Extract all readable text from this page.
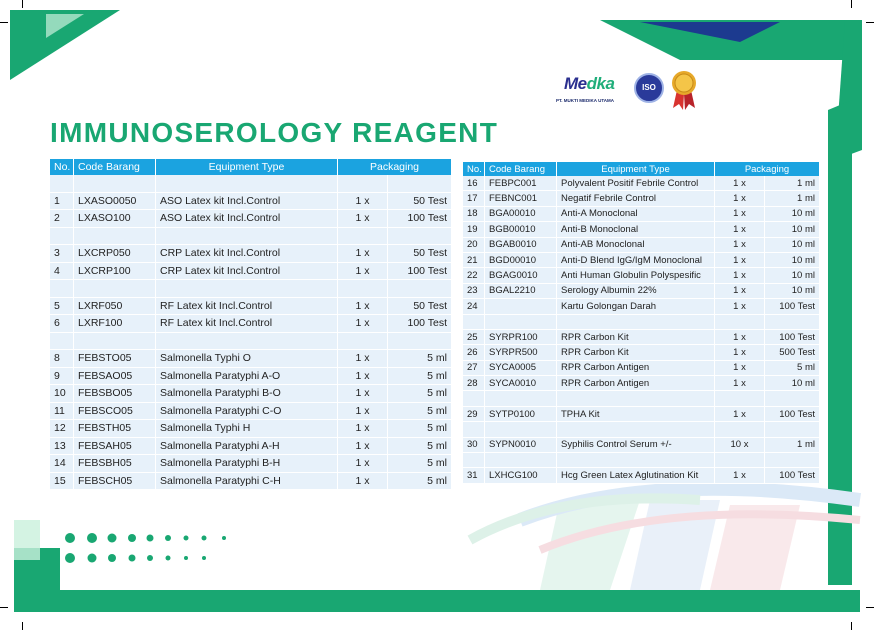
Medka
PT. MUKTI MEDIKA UTAMA
ISO
IMMUNOSEROLOGY REAGENT
No.	Code Barang	Equipment Type	Packaging	

1	LXASO0050	ASO Latex kit Incl.Control	1 x	50 Test
2	LXASO100	ASO Latex kit Incl.Control	1 x	100 Test

3	LXCRP050	CRP Latex kit Incl.Control	1 x	50 Test
4	LXCRP100	CRP Latex kit Incl.Control	1 x	100 Test

5	LXRF050	RF Latex kit Incl.Control	1 x	50 Test
6	LXRF100	RF Latex kit Incl.Control	1 x	100 Test

8	FEBSTO05	Salmonella Typhi O	1 x	5 ml
9	FEBSAO05	Salmonella Paratyphi A-O	1 x	5 ml
10	FEBSBO05	Salmonella Paratyphi B-O	1 x	5 ml
11	FEBSCO05	Salmonella Paratyphi C-O	1 x	5 ml
12	FEBSTH05	Salmonella Typhi H	1 x	5 ml
13	FEBSAH05	Salmonella Paratyphi A-H	1 x	5 ml
14	FEBSBH05	Salmonella Paratyphi B-H	1 x	5 ml
15	FEBSCH05	Salmonella Paratyphi C-H	1 x	5 ml
No.	Code Barang	Equipment Type	Packaging	
16	FEBPC001	Polyvalent Positif Febrile Control	1 x	1 ml
17	FEBNC001	Negatif Febrile Control	1 x	1 ml
18	BGA00010	Anti-A Monoclonal	1 x	10 ml
19	BGB00010	Anti-B Monoclonal	1 x	10 ml
20	BGAB0010	Anti-AB Monoclonal	1 x	10 ml
21	BGD00010	Anti-D Blend IgG/IgM Monoclonal	1 x	10 ml
22	BGAG0010	Anti Human Globulin Polyspesific	1 x	10 ml
23	BGAL2210	Serology Albumin 22%	1 x	10 ml
24		Kartu Golongan Darah	1 x	100 Test

25	SYRPR100	RPR Carbon Kit	1 x	100 Test
26	SYRPR500	RPR Carbon Kit	1 x	500 Test
27	SYCA0005	RPR Carbon Antigen	1 x	5 ml
28	SYCA0010	RPR Carbon Antigen	1 x	10 ml

29	SYTP0100	TPHA Kit	1 x	100 Test

30	SYPN0010	Syphilis Control Serum +/-	10 x	1 ml

31	LXHCG100	Hcg Green Latex Aglutination Kit	1 x	100 Test
